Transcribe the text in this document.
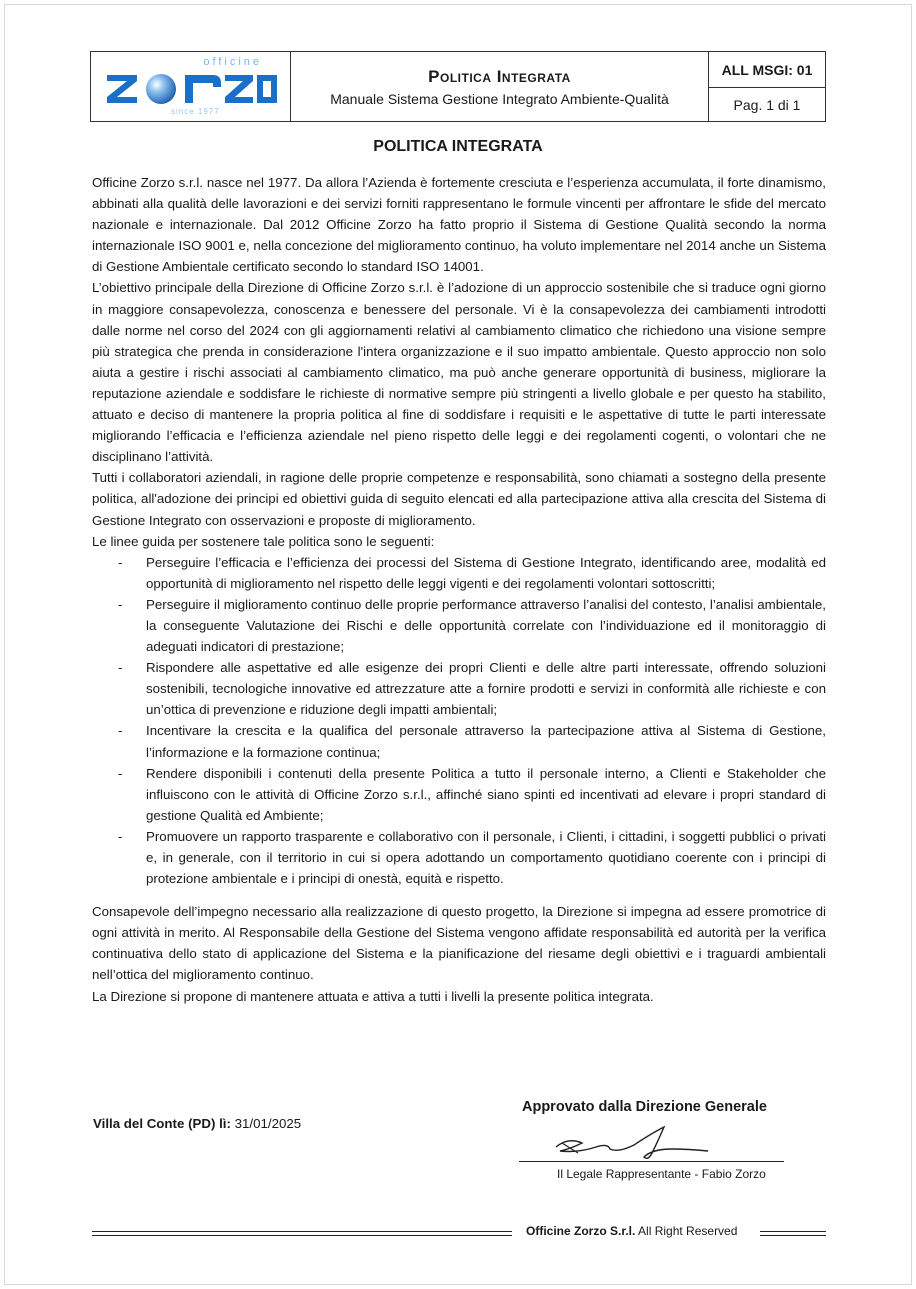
officine
since 1977
Politica Integrata
Manuale Sistema Gestione Integrato Ambiente-Qualità
ALL MSGI: 01
Pag. 1 di 1
POLITICA INTEGRATA

Officine Zorzo s.r.l. nasce nel 1977. Da allora l’Azienda è fortemente cresciuta e l’esperienza accumulata, il forte dinamismo, abbinati alla qualità delle lavorazioni e dei servizi forniti rappresentano le formule vincenti per affrontare le sfide del mercato nazionale e internazionale. Dal 2012 Officine Zorzo ha fatto proprio il Sistema di Gestione Qualità secondo la norma internazionale ISO 9001 e, nella concezione del miglioramento continuo, ha voluto implementare nel 2014 anche un Sistema di Gestione Ambientale certificato secondo lo standard ISO 14001.

L’obiettivo principale della Direzione di Officine Zorzo s.r.l. è l’adozione di un approccio sostenibile che si traduce ogni giorno in maggiore consapevolezza, conoscenza e benessere del personale. Vi è la consapevolezza dei cambiamenti introdotti dalle norme nel corso del 2024 con gli aggiornamenti relativi al cambiamento climatico che richiedono una visione sempre più strategica che prenda in considerazione l'intera organizzazione e il suo impatto ambientale. Questo approccio non solo aiuta a gestire i rischi associati al cambiamento climatico, ma può anche generare opportunità di business, migliorare la reputazione aziendale e soddisfare le richieste di normative sempre più stringenti a livello globale e per questo ha stabilito, attuato e deciso di mantenere la propria politica al fine di soddisfare i requisiti e le aspettative di tutte le parti interessate migliorando l’efficacia e l’efficienza aziendale nel pieno rispetto delle leggi e dei regolamenti cogenti, o volontari che ne disciplinano l’attività.

Tutti i collaboratori aziendali, in ragione delle proprie competenze e responsabilità, sono chiamati a sostegno della presente politica, all'adozione dei principi ed obiettivi guida di seguito elencati ed alla partecipazione attiva alla crescita del Sistema di Gestione Integrato con osservazioni e proposte di miglioramento.

Le linee guida per sostenere tale politica sono le seguenti:

- Perseguire l’efficacia e l’efficienza dei processi del Sistema di Gestione Integrato, identificando aree, modalità ed opportunità di miglioramento nel rispetto delle leggi vigenti e dei regolamenti volontari sottoscritti;
- Perseguire il miglioramento continuo delle proprie performance attraverso l’analisi del contesto, l’analisi ambientale, la conseguente Valutazione dei Rischi e delle opportunità correlate con l’individuazione ed il monitoraggio di adeguati indicatori di prestazione;
- Rispondere alle aspettative ed alle esigenze dei propri Clienti e delle altre parti interessate, offrendo soluzioni sostenibili, tecnologiche innovative ed attrezzature atte a fornire prodotti e servizi in conformità alle richieste e con un’ottica di prevenzione e riduzione degli impatti ambientali;
- Incentivare la crescita e la qualifica del personale attraverso la partecipazione attiva al Sistema di Gestione, l’informazione e la formazione continua;
- Rendere disponibili i contenuti della presente Politica a tutto il personale interno, a Clienti e Stakeholder che influiscono con le attività di Officine Zorzo s.r.l., affinché siano spinti ed incentivati ad elevare i propri standard di gestione Qualità ed Ambiente;
- Promuovere un rapporto trasparente e collaborativo con il personale, i Clienti, i cittadini, i soggetti pubblici o privati e, in generale, con il territorio in cui si opera adottando un comportamento quotidiano coerente con i principi di protezione ambientale e i principi di onestà, equità e rispetto.

Consapevole dell’impegno necessario alla realizzazione di questo progetto, la Direzione si impegna ad essere promotrice di ogni attività in merito. Al Responsabile della Gestione del Sistema vengono affidate responsabilità ed autorità per la verifica continuativa dello stato di applicazione del Sistema e la pianificazione del riesame degli obiettivi e i traguardi ambientali nell’ottica del miglioramento continuo.

La Direzione si propone di mantenere attuata e attiva a tutti i livelli la presente politica integrata.

Villa del Conte (PD) lì: 31/01/2025
Approvato dalla Direzione Generale
Il Legale Rappresentante - Fabio Zorzo
Officine Zorzo S.r.l. All Right Reserved
